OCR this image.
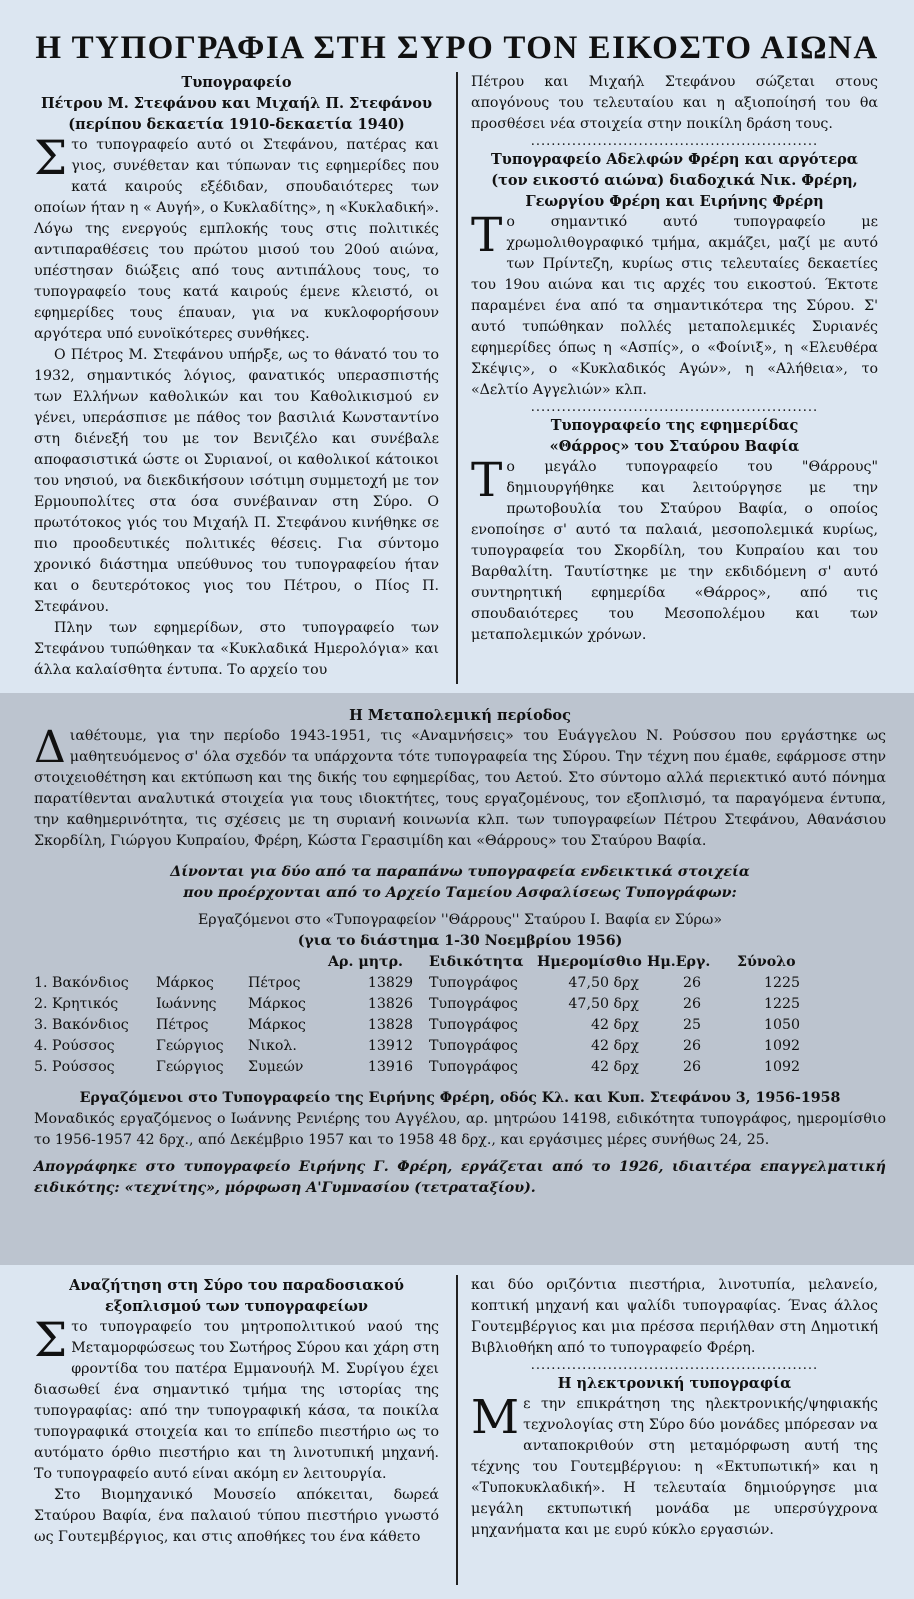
Η ΤΥΠΟΓΡΑΦΙΑ ΣΤΗ ΣΥΡΟ ΤΟΝ ΕΙΚΟΣΤΟ ΑΙΩΝΑ

Τυπογραφείο

Πέτρου Μ. Στεφάνου και Μιχαήλ Π. Στεφάνου

(περίπου δεκαετία 1910-δεκαετία 1940)

Στο τυπογραφείο αυτό οι Στεφάνου, πατέρας και γιος, συνέθεταν και τύπωναν τις εφημερίδες που κατά καιρούς εξέδιδαν, σπουδαιότερες των οποίων ήταν η « Αυγή», ο Κυκλαδίτης», η «Κυκλαδική». Λόγω της ενεργούς εμπλοκής τους στις πολιτικές αντιπαραθέσεις του πρώτου μισού του 20ού αιώνα, υπέστησαν διώξεις από τους αντιπάλους τους, το τυπογραφείο τους κατά καιρούς έμενε κλειστό, οι εφημερίδες τους έπαυαν, για να κυκλοφορήσουν αργότερα υπό ευνοϊκότερες συνθήκες.

Ο Πέτρος Μ. Στεφάνου υπήρξε, ως το θάνατό του το 1932, σημαντικός λόγιος, φανατικός υπερασπιστής των Ελλήνων καθολικών και του Καθολικισμού εν γένει, υπεράσπισε με πάθος τον βασιλιά Κωνσταντίνο στη διένεξή του με τον Βενιζέλο και συνέβαλε αποφασιστικά ώστε οι Συριανοί, οι καθολικοί κάτοικοι του νησιού, να διεκδικήσουν ισότιμη συμμετοχή με τον Ερμουπολίτες στα όσα συνέβαιναν στη Σύρο. Ο πρωτότοκος γιός του Μιχαήλ Π. Στεφάνου κινήθηκε σε πιο προοδευτικές πολιτικές θέσεις. Για σύντομο χρονικό διάστημα υπεύθυνος του τυπογραφείου ήταν και ο δευτερότοκος γιος του Πέτρου, ο Πίος Π. Στεφάνου.

Πλην των εφημερίδων, στο τυπογραφείο των Στεφάνου τυπώθηκαν τα «Κυκλαδικά Ημερολόγια» και άλλα καλαίσθητα έντυπα. Το αρχείο του

Πέτρου και Μιχαήλ Στεφάνου σώζεται στους απογόνους του τελευταίου και η αξιοποίησή του θα προσθέσει νέα στοιχεία στην ποικίλη δράση τους.

........................................................

Τυπογραφείο Αδελφών Φρέρη και αργότερα

(τον εικοστό αιώνα) διαδοχικά Νικ. Φρέρη,

Γεωργίου Φρέρη και Ειρήνης Φρέρη

Το σημαντικό αυτό τυπογραφείο με χρωμολιθογραφικό τμήμα, ακμάζει, μαζί με αυτό των Πρίντεζη, κυρίως στις τελευταίες δεκαετίες του 19ου αιώνα και τις αρχές του εικοστού. Έκτοτε παραμένει ένα από τα σημαντικότερα της Σύρου. Σ' αυτό τυπώθηκαν πολλές μεταπολεμικές Συριανές εφημερίδες όπως η «Ασπίς», ο «Φοίνιξ», η «Ελευθέρα Σκέψις», ο «Κυκλαδικός Αγών», η «Αλήθεια», το «Δελτίο Αγγελιών» κλπ.

........................................................

Τυπογραφείο της εφημερίδας

«Θάρρος» του Σταύρου Βαφία

Το μεγάλο τυπογραφείο του "Θάρρους" δημιουργήθηκε και λειτούργησε με την πρωτοβουλία του Σταύρου Βαφία, ο οποίος ενοποίησε σ' αυτό τα παλαιά, μεσοπολεμικά κυρίως, τυπογραφεία του Σκορδίλη, του Κυπραίου και του Βαρθαλίτη. Ταυτίστηκε με την εκδιδόμενη σ' αυτό συντηρητική εφημερίδα «Θάρρος», από τις σπουδαιότερες του Μεσοπολέμου και των μεταπολεμικών χρόνων.

Η Μεταπολεμική περίοδος

Διαθέτουμε, για την περίοδο 1943-1951, τις «Αναμνήσεις» του Ευάγγελου Ν. Ρούσσου που εργάστηκε ως μαθητευόμενος σ' όλα σχεδόν τα υπάρχοντα τότε τυπογραφεία της Σύρου. Την τέχνη που έμαθε, εφάρμοσε στην στοιχειοθέτηση και εκτύπωση και της δικής του εφημερίδας, του Αετού. Στο σύντομο αλλά περιεκτικό αυτό πόνημα παρατίθενται αναλυτικά στοιχεία για τους ιδιοκτήτες, τους εργαζομένους, τον εξοπλισμό, τα παραγόμενα έντυπα, την καθημερινότητα, τις σχέσεις με τη συριανή κοινωνία κλπ. των τυπογραφείων Πέτρου Στεφάνου, Αθανάσιου Σκορδίλη, Γιώργου Κυπραίου, Φρέρη, Κώστα Γερασιμίδη και «Θάρρους» του Σταύρου Βαφία.

Δίνονται για δύο από τα παραπάνω τυπογραφεία ενδεικτικά στοιχεία

που προέρχονται από το Αρχείο Ταμείου Ασφαλίσεως Τυπογράφων:

Εργαζόμενοι στο «Τυπογραφείον ''Θάρρους'' Σταύρου Ι. Βαφία εν Σύρω»

(για το διάστημα 1-30 Νοεμβρίου 1956)

			Αρ. μητρ.	Ειδικότητα	Ημερομίσθιο	Ημ.Εργ.	Σύνολο
1. Βακόνδιος	Μάρκος	Πέτρος	13829	Τυπογράφος	47,50 δρχ	26	1225
2. Κρητικός	Ιωάννης	Μάρκος	13826	Τυπογράφος	47,50 δρχ	26	1225
3. Βακόνδιος	Πέτρος	Μάρκος	13828	Τυπογράφος	42 δρχ	25	1050
4. Ρούσσος	Γεώργιος	Νικολ.	13912	Τυπογράφος	42 δρχ	26	1092
5. Ρούσσος	Γεώργιος	Συμεών	13916	Τυπογράφος	42 δρχ	26	1092

Εργαζόμενοι στο Τυπογραφείο της Ειρήνης Φρέρη, οδός Κλ. και Κυπ. Στεφάνου 3, 1956-1958

Μοναδικός εργαζόμενος ο Ιωάννης Ρενιέρης του Αγγέλου, αρ. μητρώου 14198, ειδικότητα τυπογράφος, ημερομίσθιο το 1956-1957 42 δρχ., από Δεκέμβριο 1957 και το 1958 48 δρχ., και εργάσιμες μέρες συνήθως 24, 25.

Απογράφηκε στο τυπογραφείο Ειρήνης Γ. Φρέρη, εργάζεται από το 1926, ιδιαιτέρα επαγγελματική ειδικότης: «τεχνίτης», μόρφωση Α'Γυμνασίου (τετραταξίου).

Αναζήτηση στη Σύρο του παραδοσιακού

εξοπλισμού των τυπογραφείων

Στο τυπογραφείο του μητροπολιτικού ναού της Μεταμορφώσεως του Σωτήρος Σύρου και χάρη στη φροντίδα του πατέρα Εμμανουήλ Μ. Συρίγου έχει διασωθεί ένα σημαντικό τμήμα της ιστορίας της τυπογραφίας: από την τυπογραφική κάσα, τα ποικίλα τυπογραφικά στοιχεία και το επίπεδο πιεστήριο ως το αυτόματο όρθιο πιεστήριο και τη λινοτυπική μηχανή. Το τυπογραφείο αυτό είναι ακόμη εν λειτουργία.

Στο Βιομηχανικό Μουσείο απόκειται, δωρεά Σταύρου Βαφία, ένα παλαιού τύπου πιεστήριο γνωστό ως Γουτεμβέργιος, και στις αποθήκες του ένα κάθετο

και δύο οριζόντια πιεστήρια, λινοτυπία, μελανείο, κοπτική μηχανή και ψαλίδι τυπογραφίας. Ένας άλλος Γουτεμβέργιος και μια πρέσσα περιήλθαν στη Δημοτική Βιβλιοθήκη από το τυπογραφείο Φρέρη.

........................................................

Η ηλεκτρονική τυπογραφία

Με την επικράτηση της ηλεκτρονικής/ψηφιακής τεχνολογίας στη Σύρο δύο μονάδες μπόρεσαν να ανταποκριθούν στη μεταμόρφωση αυτή της τέχνης του Γουτεμβέργιου: η «Εκτυπωτική» και η «Τυποκυκλαδική». Η τελευταία δημιούργησε μια μεγάλη εκτυπωτική μονάδα με υπερσύγχρονα μηχανήματα και με ευρύ κύκλο εργασιών.
